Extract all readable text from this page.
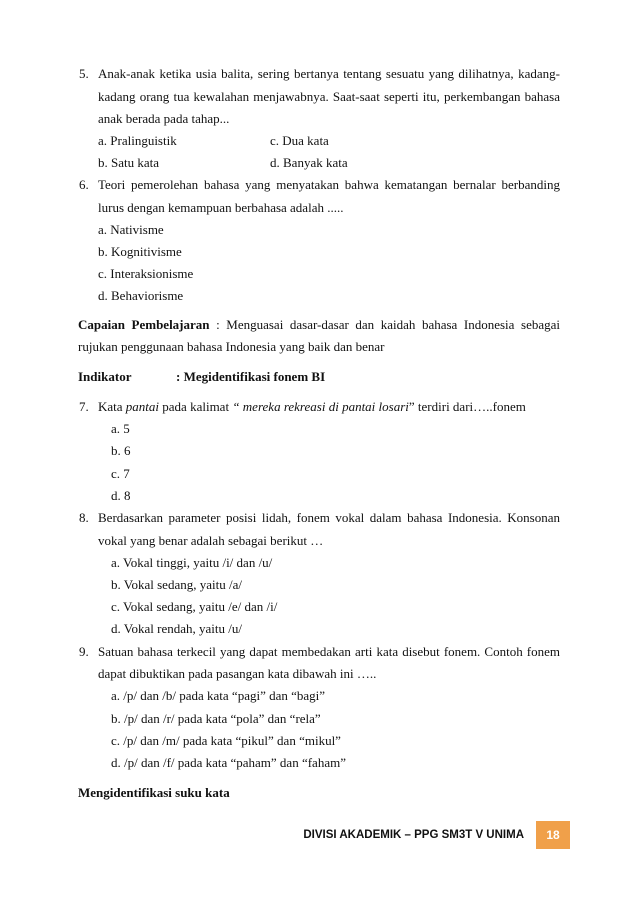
5. Anak-anak ketika usia balita, sering bertanya tentang sesuatu yang dilihatnya, kadang-
kadang orang tua kewalahan menjawabnya. Saat-saat seperti itu, perkembangan bahasa
anak berada pada tahap...
a. Pralinguistik	c. Dua kata
b. Satu kata	d. Banyak kata
6. Teori pemerolehan bahasa yang menyatakan bahwa kematangan bernalar berbanding
lurus dengan kemampuan berbahasa adalah .....
a. Nativisme
b. Kognitivisme
c. Interaksionisme
d. Behaviorisme
Capaian Pembelajaran : Menguasai dasar-dasar dan kaidah bahasa Indonesia sebagai
rujukan penggunaan bahasa Indonesia yang baik dan benar
Indikator	: Megidentifikasi fonem BI
7. Kata pantai pada kalimat “ mereka rekreasi di pantai losari” terdiri dari…..fonem
a. 5
b. 6
c. 7
d. 8
8. Berdasarkan parameter posisi lidah, fonem vokal dalam bahasa Indonesia. Konsonan
vokal yang benar adalah sebagai berikut …
a. Vokal tinggi, yaitu /i/ dan /u/
b. Vokal sedang, yaitu /a/
c. Vokal sedang, yaitu /e/ dan /i/
d. Vokal rendah, yaitu /u/
9. Satuan bahasa terkecil yang dapat membedakan arti kata disebut fonem. Contoh fonem
dapat dibuktikan pada pasangan kata dibawah ini …..
a. /p/ dan /b/ pada kata “pagi” dan “bagi”
b. /p/ dan /r/ pada kata “pola” dan “rela”
c. /p/ dan /m/ pada kata “pikul” dan “mikul”
d. /p/ dan /f/ pada kata “paham” dan “faham”
Mengidentifikasi suku kata
DIVISI AKADEMIK – PPG SM3T V UNIMA	18
